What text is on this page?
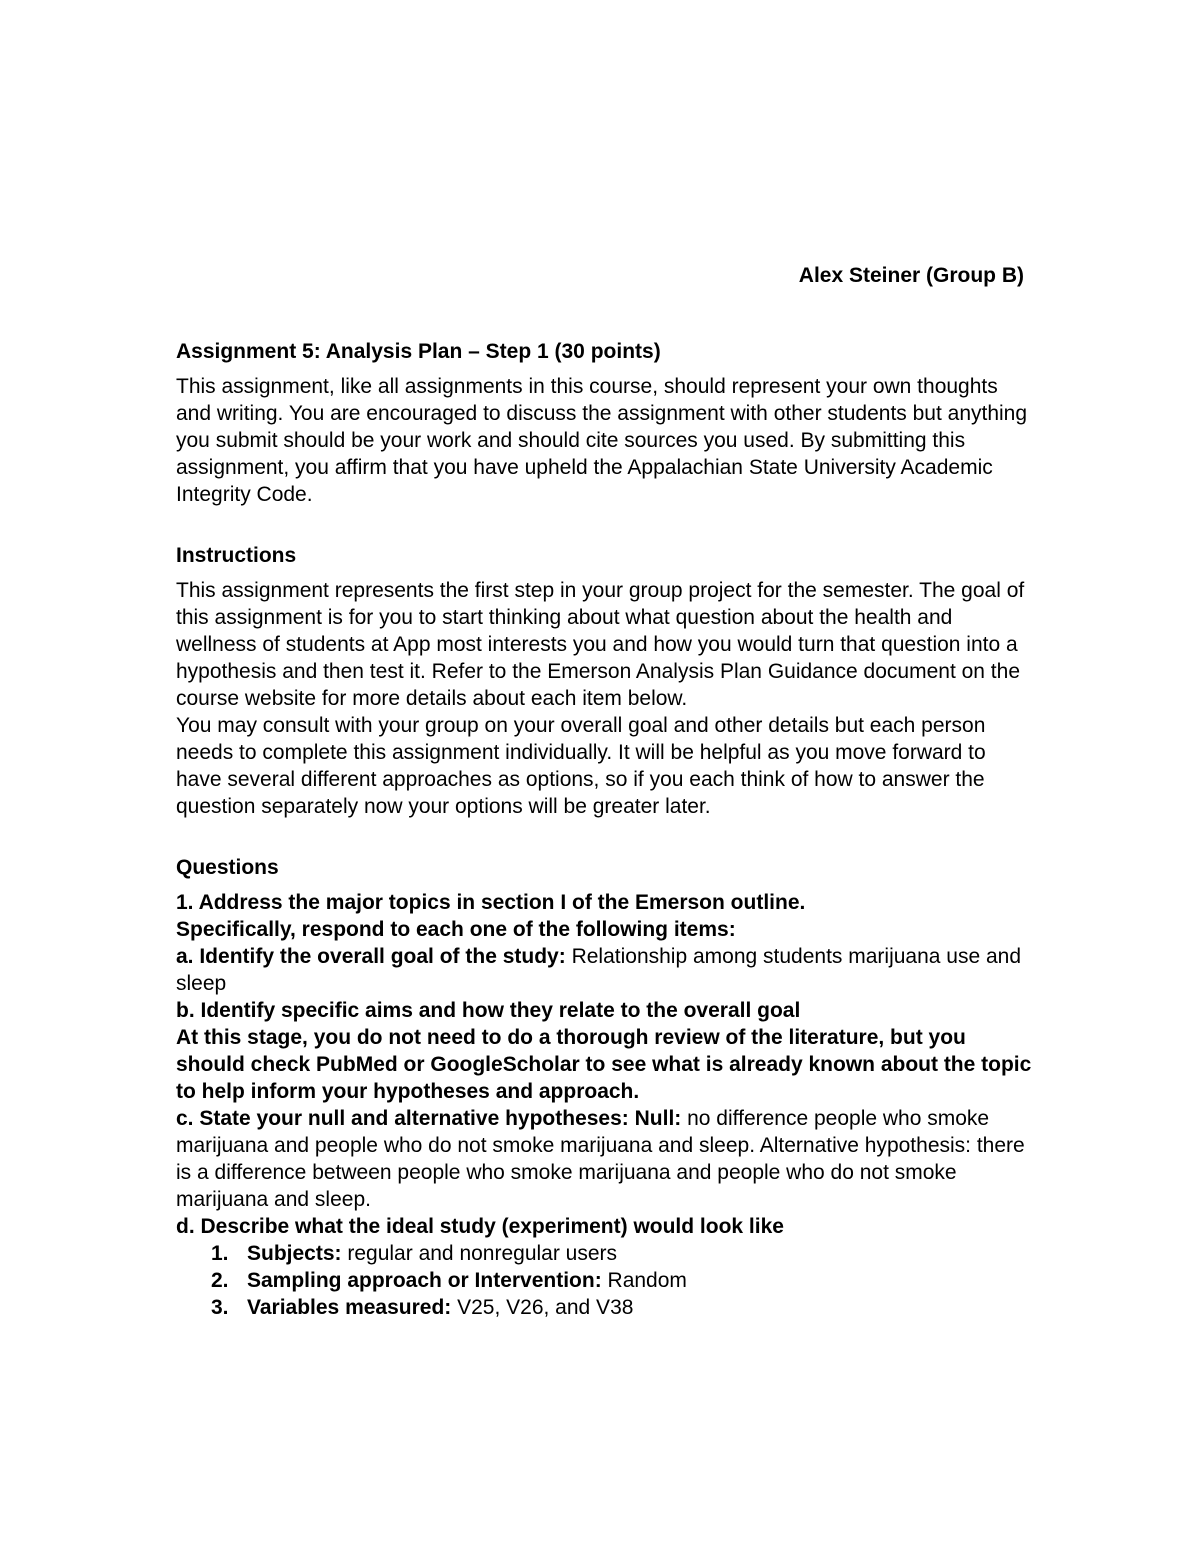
Alex Steiner (Group B)

Assignment 5: Analysis Plan – Step 1 (30 points)

This assignment, like all assignments in this course, should represent your own thoughts and writing. You are encouraged to discuss the assignment with other students but anything you submit should be your work and should cite sources you used. By submitting this assignment, you affirm that you have upheld the Appalachian State University Academic Integrity Code.

Instructions

This assignment represents the first step in your group project for the semester. The goal of this assignment is for you to start thinking about what question about the health and wellness of students at App most interests you and how you would turn that question into a hypothesis and then test it. Refer to the Emerson Analysis Plan Guidance document on the course website for more details about each item below.

You may consult with your group on your overall goal and other details but each person needs to complete this assignment individually. It will be helpful as you move forward to have several different approaches as options, so if you each think of how to answer the question separately now your options will be greater later.

Questions

1. Address the major topics in section I of the Emerson outline.

Specifically, respond to each one of the following items:

a. Identify the overall goal of the study: Relationship among students marijuana use and sleep

b. Identify specific aims and how they relate to the overall goal

At this stage, you do not need to do a thorough review of the literature, but you should check PubMed or GoogleScholar to see what is already known about the topic to help inform your hypotheses and approach.

c. State your null and alternative hypotheses: Null: no difference people who smoke marijuana and people who do not smoke marijuana and sleep. Alternative hypothesis: there is a difference between people who smoke marijuana and people who do not smoke marijuana and sleep.

d. Describe what the ideal study (experiment) would look like

1. Subjects: regular and nonregular users
2. Sampling approach or Intervention: Random
3. Variables measured: V25, V26, and V38
